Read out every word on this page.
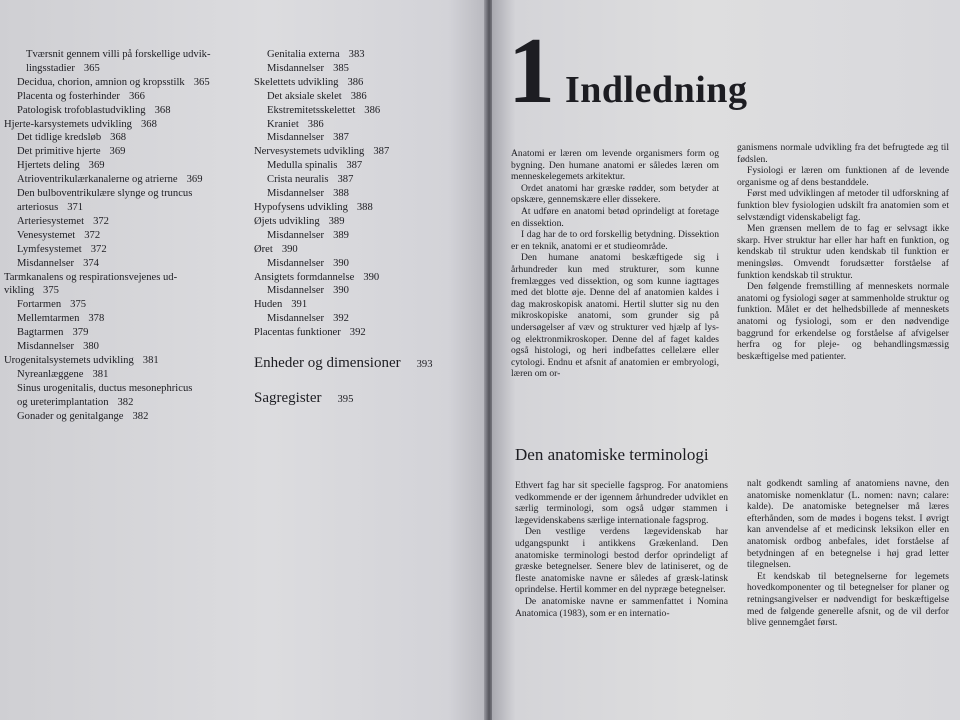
Tværsnit gennem villi på forskellige udvik-
lingsstadier 365
Decidua, chorion, amnion og kropsstilk 365
Placenta og fosterhinder 366
Patologisk trofoblastudvikling 368
Hjerte-karsystemets udvikling 368
Det tidlige kredsløb 368
Det primitive hjerte 369
Hjertets deling 369
Atrioventrikulærkanalerne og atrierne 369
Den bulboventrikulære slynge og truncus
arteriosus 371
Arteriesystemet 372
Venesystemet 372
Lymfesystemet 372
Misdannelser 374
Tarmkanalens og respirationsvejenes ud-
vikling 375
Fortarmen 375
Mellemtarmen 378
Bagtarmen 379
Misdannelser 380
Urogenitalsystemets udvikling 381
Nyreanlæggene 381
Sinus urogenitalis, ductus mesonephricus
og ureterimplantation 382
Gonader og genitalgange 382
Genitalia externa 383
Misdannelser 385
Skelettets udvikling 386
Det aksiale skelet 386
Ekstremitetsskelettet 386
Kraniet 386
Misdannelser 387
Nervesystemets udvikling 387
Medulla spinalis 387
Crista neuralis 387
Misdannelser 388
Hypofysens udvikling 388
Øjets udvikling 389
Misdannelser 389
Øret 390
Misdannelser 390
Ansigtets formdannelse 390
Misdannelser 390
Huden 391
Misdannelser 392
Placentas funktioner 392
Enheder og dimensioner 393
Sagregister 395
1 Indledning

Anatomi er læren om levende organismers form og bygning. Den humane anatomi er således læren om menneskelegemets arkitektur.

Ordet anatomi har græske rødder, som betyder at opskære, gennemskære eller dissekere.

At udføre en anatomi betød oprindeligt at foretage en dissektion.

I dag har de to ord forskellig betydning. Dissektion er en teknik, anatomi er et studieområde.

Den humane anatomi beskæftigede sig i århundreder kun med strukturer, som kunne fremlægges ved dissektion, og som kunne iagttages med det blotte øje. Denne del af anatomien kaldes i dag makroskopisk anatomi. Hertil slutter sig nu den mikroskopiske anatomi, som grunder sig på undersøgelser af væv og strukturer ved hjælp af lys- og elektronmikroskoper. Denne del af faget kaldes også histologi, og heri indbefattes cellelære eller cytologi. Endnu et afsnit af anatomien er embryologi, læren om or-

ganismens normale udvikling fra det befrugtede æg til fødslen.

Fysiologi er læren om funktionen af de levende organisme og af dens bestanddele.

Først med udviklingen af metoder til udforskning af funktion blev fysiologien udskilt fra anatomien som et selvstændigt videnskabeligt fag.

Men grænsen mellem de to fag er selvsagt ikke skarp. Hver struktur har eller har haft en funktion, og kendskab til struktur uden kendskab til funktion er meningsløs. Omvendt forudsætter forståelse af funktion kendskab til struktur.

Den følgende fremstilling af menneskets normale anatomi og fysiologi søger at sammenholde struktur og funktion. Målet er det helhedsbillede af menneskets anatomi og fysiologi, som er den nødvendige baggrund for erkendelse og forståelse af afvigelser herfra og for pleje- og behandlingsmæssig beskæftigelse med patienter.

Den anatomiske terminologi

Ethvert fag har sit specielle fagsprog. For anatomiens vedkommende er der igennem århundreder udviklet en særlig terminologi, som også udgør stammen i lægevidenskabens særlige internationale fagsprog.

Den vestlige verdens lægevidenskab har udgangspunkt i antikkens Grækenland. Den anatomiske terminologi bestod derfor oprindeligt af græske betegnelser. Senere blev de latiniseret, og de fleste anatomiske navne er således af græsk-latinsk oprindelse. Hertil kommer en del nypræge betegnelser.

De anatomiske navne er sammenfattet i Nomina Anatomica (1983), som er en internatio-

nalt godkendt samling af anatomiens navne, den anatomiske nomenklatur (L. nomen: navn; calare: kalde). De anatomiske betegnelser må læres efterhånden, som de mødes i bogens tekst. I øvrigt kan anvendelse af et medicinsk leksikon eller en anatomisk ordbog anbefales, idet forståelse af betydningen af en betegnelse i høj grad letter tilegnelsen.

Et kendskab til betegnelserne for legemets hovedkomponenter og til betegnelser for planer og retningsangivelser er nødvendigt for beskæftigelse med de følgende generelle afsnit, og de vil derfor blive gennemgået først.
